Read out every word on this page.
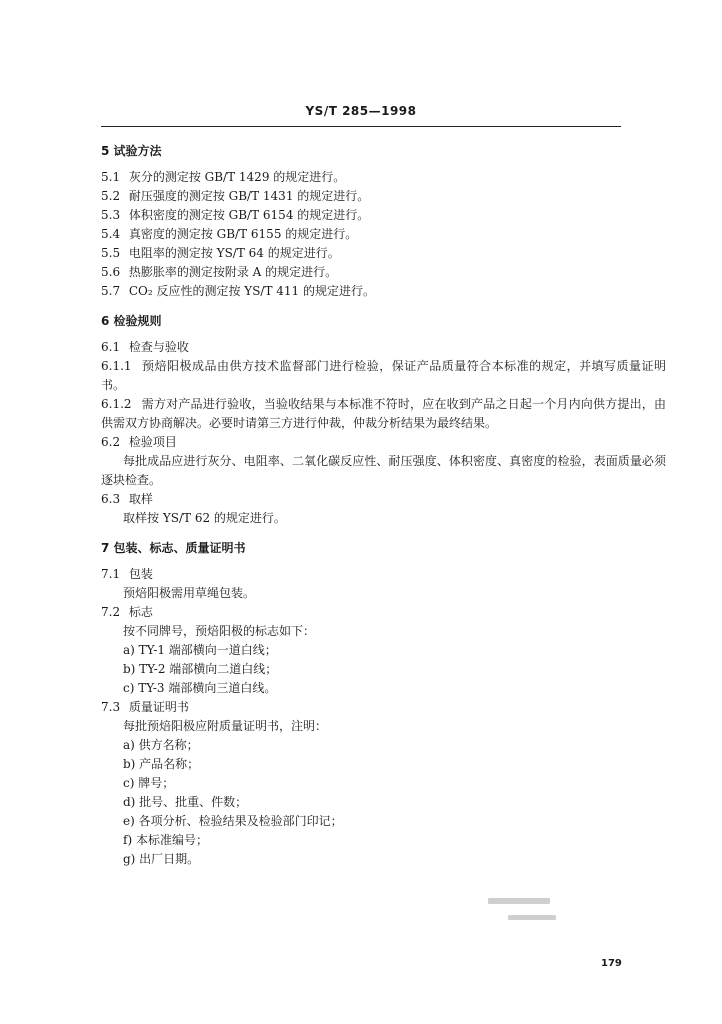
YS/T 285—1998
5 试验方法
5.1 灰分的测定按 GB/T 1429 的规定进行。
5.2 耐压强度的测定按 GB/T 1431 的规定进行。
5.3 体积密度的测定按 GB/T 6154 的规定进行。
5.4 真密度的测定按 GB/T 6155 的规定进行。
5.5 电阻率的测定按 YS/T 64 的规定进行。
5.6 热膨胀率的测定按附录 A 的规定进行。
5.7 CO₂ 反应性的测定按 YS/T 411 的规定进行。
6 检验规则
6.1 检查与验收
6.1.1 预焙阳极成品由供方技术监督部门进行检验，保证产品质量符合本标准的规定，并填写质量证明书。
6.1.2 需方对产品进行验收，当验收结果与本标准不符时，应在收到产品之日起一个月内向供方提出，由供需双方协商解决。必要时请第三方进行仲裁，仲裁分析结果为最终结果。
6.2 检验项目
每批成品应进行灰分、电阻率、二氧化碳反应性、耐压强度、体积密度、真密度的检验，表面质量必须逐块检查。
6.3 取样
取样按 YS/T 62 的规定进行。
7 包装、标志、质量证明书
7.1 包装
预焙阳极需用草绳包装。
7.2 标志
按不同牌号，预焙阳极的标志如下：
a) TY-1 端部横向一道白线；
b) TY-2 端部横向二道白线；
c) TY-3 端部横向三道白线。
7.3 质量证明书
每批预焙阳极应附质量证明书，注明：
a) 供方名称；
b) 产品名称；
c) 牌号；
d) 批号、批重、件数；
e) 各项分析、检验结果及检验部门印记；
f) 本标准编号；
g) 出厂日期。
179
